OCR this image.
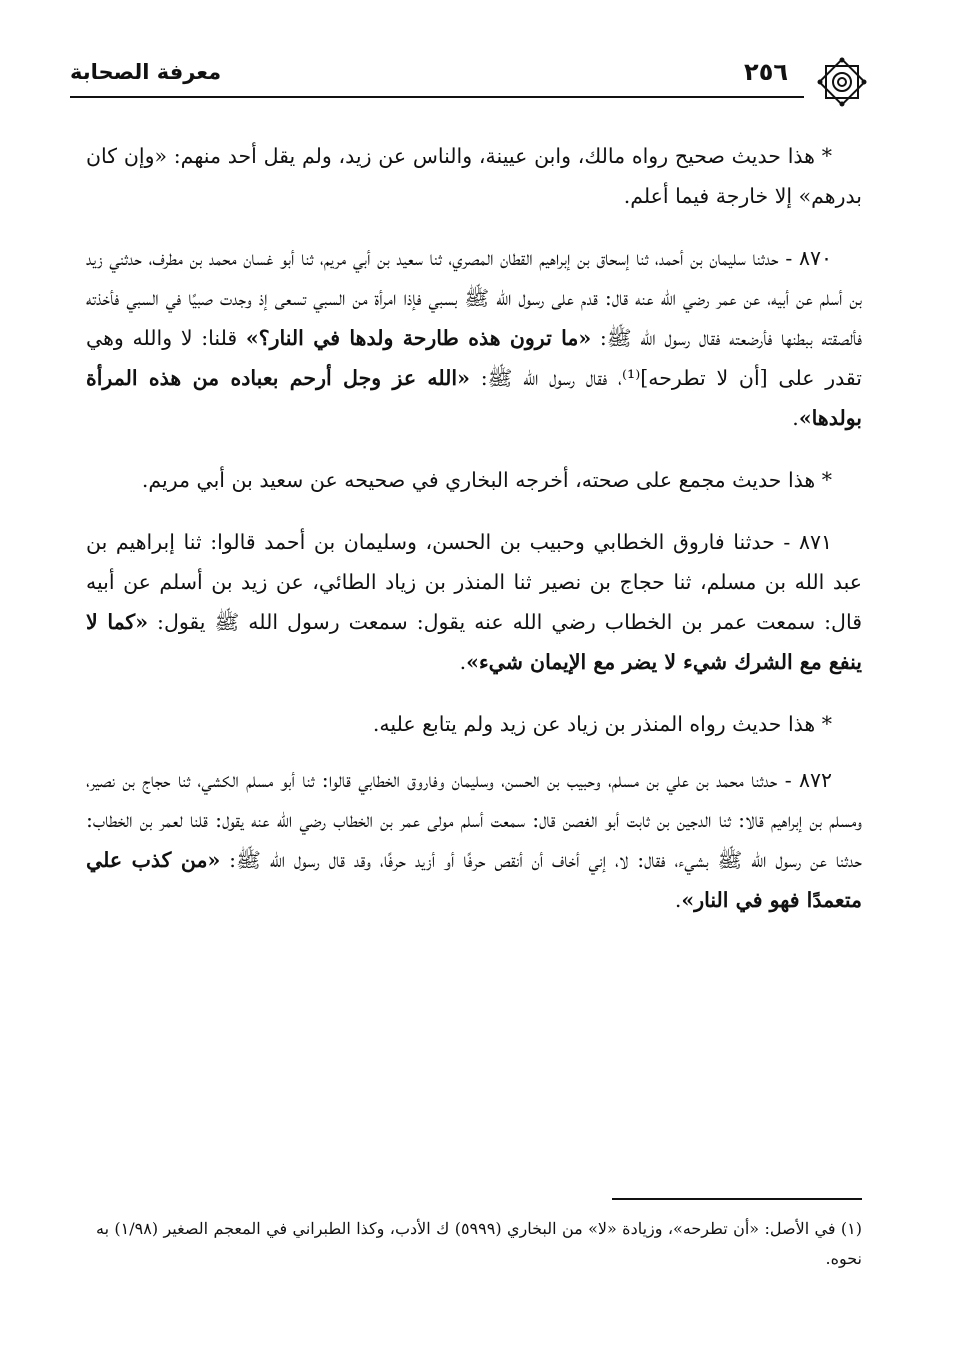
٢٥٦
معرفة الصحابة

* هذا حديث صحيح رواه مالك، وابن عيينة، والناس عن زيد، ولم يقل أحد منهم: «وإن كان بدرهم» إلا خارجة فيما أعلم.

٨٧٠ - حدثنا سليمان بن أحمد، ثنا إسحاق بن إبراهيم القطان المصري، ثنا سعيد بن أبي مريم، ثنا أبو غسان محمد بن مطرف، حدثني زيد بن أسلم عن أبيه، عن عمر رضي الله عنه قال: قدم على رسول الله ﷺ بسبي فإذا امرأة من السبي تسعى إذ وجدت صبيًا في السبي فأخذته فألصقته ببطنها فأرضعته فقال رسول الله ﷺ: «ما ترون هذه طارحة ولدها في النار؟» قلنا: لا والله وهي تقدر على [أن لا تطرحه]⁽¹⁾، فقال رسول الله ﷺ: «الله عز وجل أرحم بعباده من هذه المرأة بولدها».

* هذا حديث مجمع على صحته، أخرجه البخاري في صحيحه عن سعيد بن أبي مريم.

٨٧١ - حدثنا فاروق الخطابي وحبيب بن الحسن، وسليمان بن أحمد قالوا: ثنا إبراهيم بن عبد الله بن مسلم، ثنا حجاج بن نصير ثنا المنذر بن زياد الطائي، عن زيد بن أسلم عن أبيه قال: سمعت عمر بن الخطاب رضي الله عنه يقول: سمعت رسول الله ﷺ يقول: «كما لا ينفع مع الشرك شيء لا يضر مع الإيمان شيء».

* هذا حديث رواه المنذر بن زياد عن زيد ولم يتابع عليه.

٨٧٢ - حدثنا محمد بن علي بن مسلم، وحبيب بن الحسن، وسليمان وفاروق الخطابي قالوا: ثنا أبو مسلم الكشي، ثنا حجاج بن نصير، ومسلم بن إبراهيم قالا: ثنا الدجين بن ثابت أبو الغصن قال: سمعت أسلم مولى عمر بن الخطاب رضي الله عنه يقول: قلنا لعمر بن الخطاب: حدثنا عن رسول الله ﷺ بشيء، فقال: لا، إني أخاف أن أنقص حرفًا أو أزيد حرفًا، وقد قال رسول الله ﷺ: «من كذب علي متعمدًا فهو في النار».

(١) في الأصل: «أن تطرحه»، وزيادة «لا» من البخاري (٥٩٩٩) ك الأدب، وكذا الطبراني في المعجم الصغير (١/٩٨) به نحوه.
